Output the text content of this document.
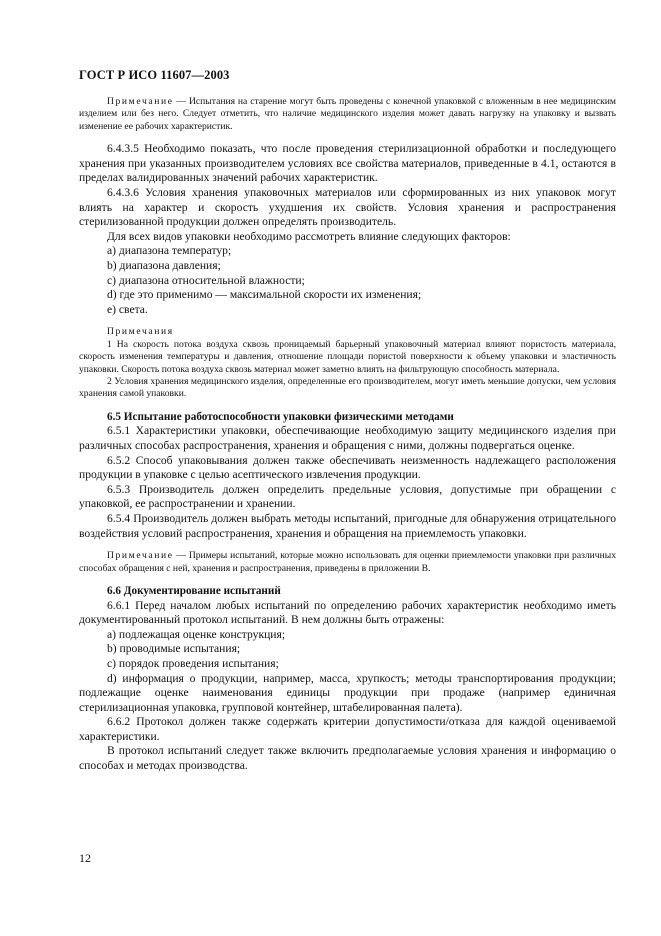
ГОСТ Р ИСО 11607—2003

Примечание — Испытания на старение могут быть проведены с конечной упаковкой с вложенным в нее медицинским изделием или без него. Следует отметить, что наличие медицинского изделия может давать нагрузку на упаковку и вызвать изменение ее рабочих характеристик.

6.4.3.5 Необходимо показать, что после проведения стерилизационной обработки и последующего хранения при указанных производителем условиях все свойства материалов, приведенные в 4.1, остаются в пределах валидированных значений рабочих характеристик.

6.4.3.6 Условия хранения упаковочных материалов или сформированных из них упаковок могут влиять на характер и скорость ухудшения их свойств. Условия хранения и распространения стерилизованной продукции должен определять производитель.

Для всех видов упаковки необходимо рассмотреть влияние следующих факторов:

а) диапазона температур;

b) диапазона давления;

с) диапазона относительной влажности;

d) где это применимо — максимальной скорости их изменения;

е) света.

Примечания

1 На скорость потока воздуха сквозь проницаемый барьерный упаковочный материал влияют пористость материала, скорость изменения температуры и давления, отношение площади пористой поверхности к объему упаковки и эластичность упаковки. Скорость потока воздуха сквозь материал может заметно влиять на фильтрующую способность материала.

2 Условия хранения медицинского изделия, определенные его производителем, могут иметь меньшие допуски, чем условия хранения самой упаковки.

6.5 Испытание работоспособности упаковки физическими методами

6.5.1 Характеристики упаковки, обеспечивающие необходимую защиту медицинского изделия при различных способах распространения, хранения и обращения с ними, должны подвергаться оценке.

6.5.2 Способ упаковывания должен также обеспечивать неизменность надлежащего расположения продукции в упаковке с целью асептического извлечения продукции.

6.5.3 Производитель должен определить предельные условия, допустимые при обращении с упаковкой, ее распространении и хранении.

6.5.4 Производитель должен выбрать методы испытаний, пригодные для обнаружения отрицательного воздействия условий распространения, хранения и обращения на приемлемость упаковки.

Примечание — Примеры испытаний, которые можно использовать для оценки приемлемости упаковки при различных способах обращения с ней, хранения и распространения, приведены в приложении В.

6.6 Документирование испытаний

6.6.1 Перед началом любых испытаний по определению рабочих характеристик необходимо иметь документированный протокол испытаний. В нем должны быть отражены:

а) подлежащая оценке конструкция;

b) проводимые испытания;

с) порядок проведения испытания;

d) информация о продукции, например, масса, хрупкость; методы транспортирования продукции; подлежащие оценке наименования единицы продукции при продаже (например единичная стерилизационная упаковка, групповой контейнер, штабелированная палета).

6.6.2 Протокол должен также содержать критерии допустимости/отказа для каждой оцениваемой характеристики.

В протокол испытаний следует также включить предполагаемые условия хранения и информацию о способах и методах производства.

12
